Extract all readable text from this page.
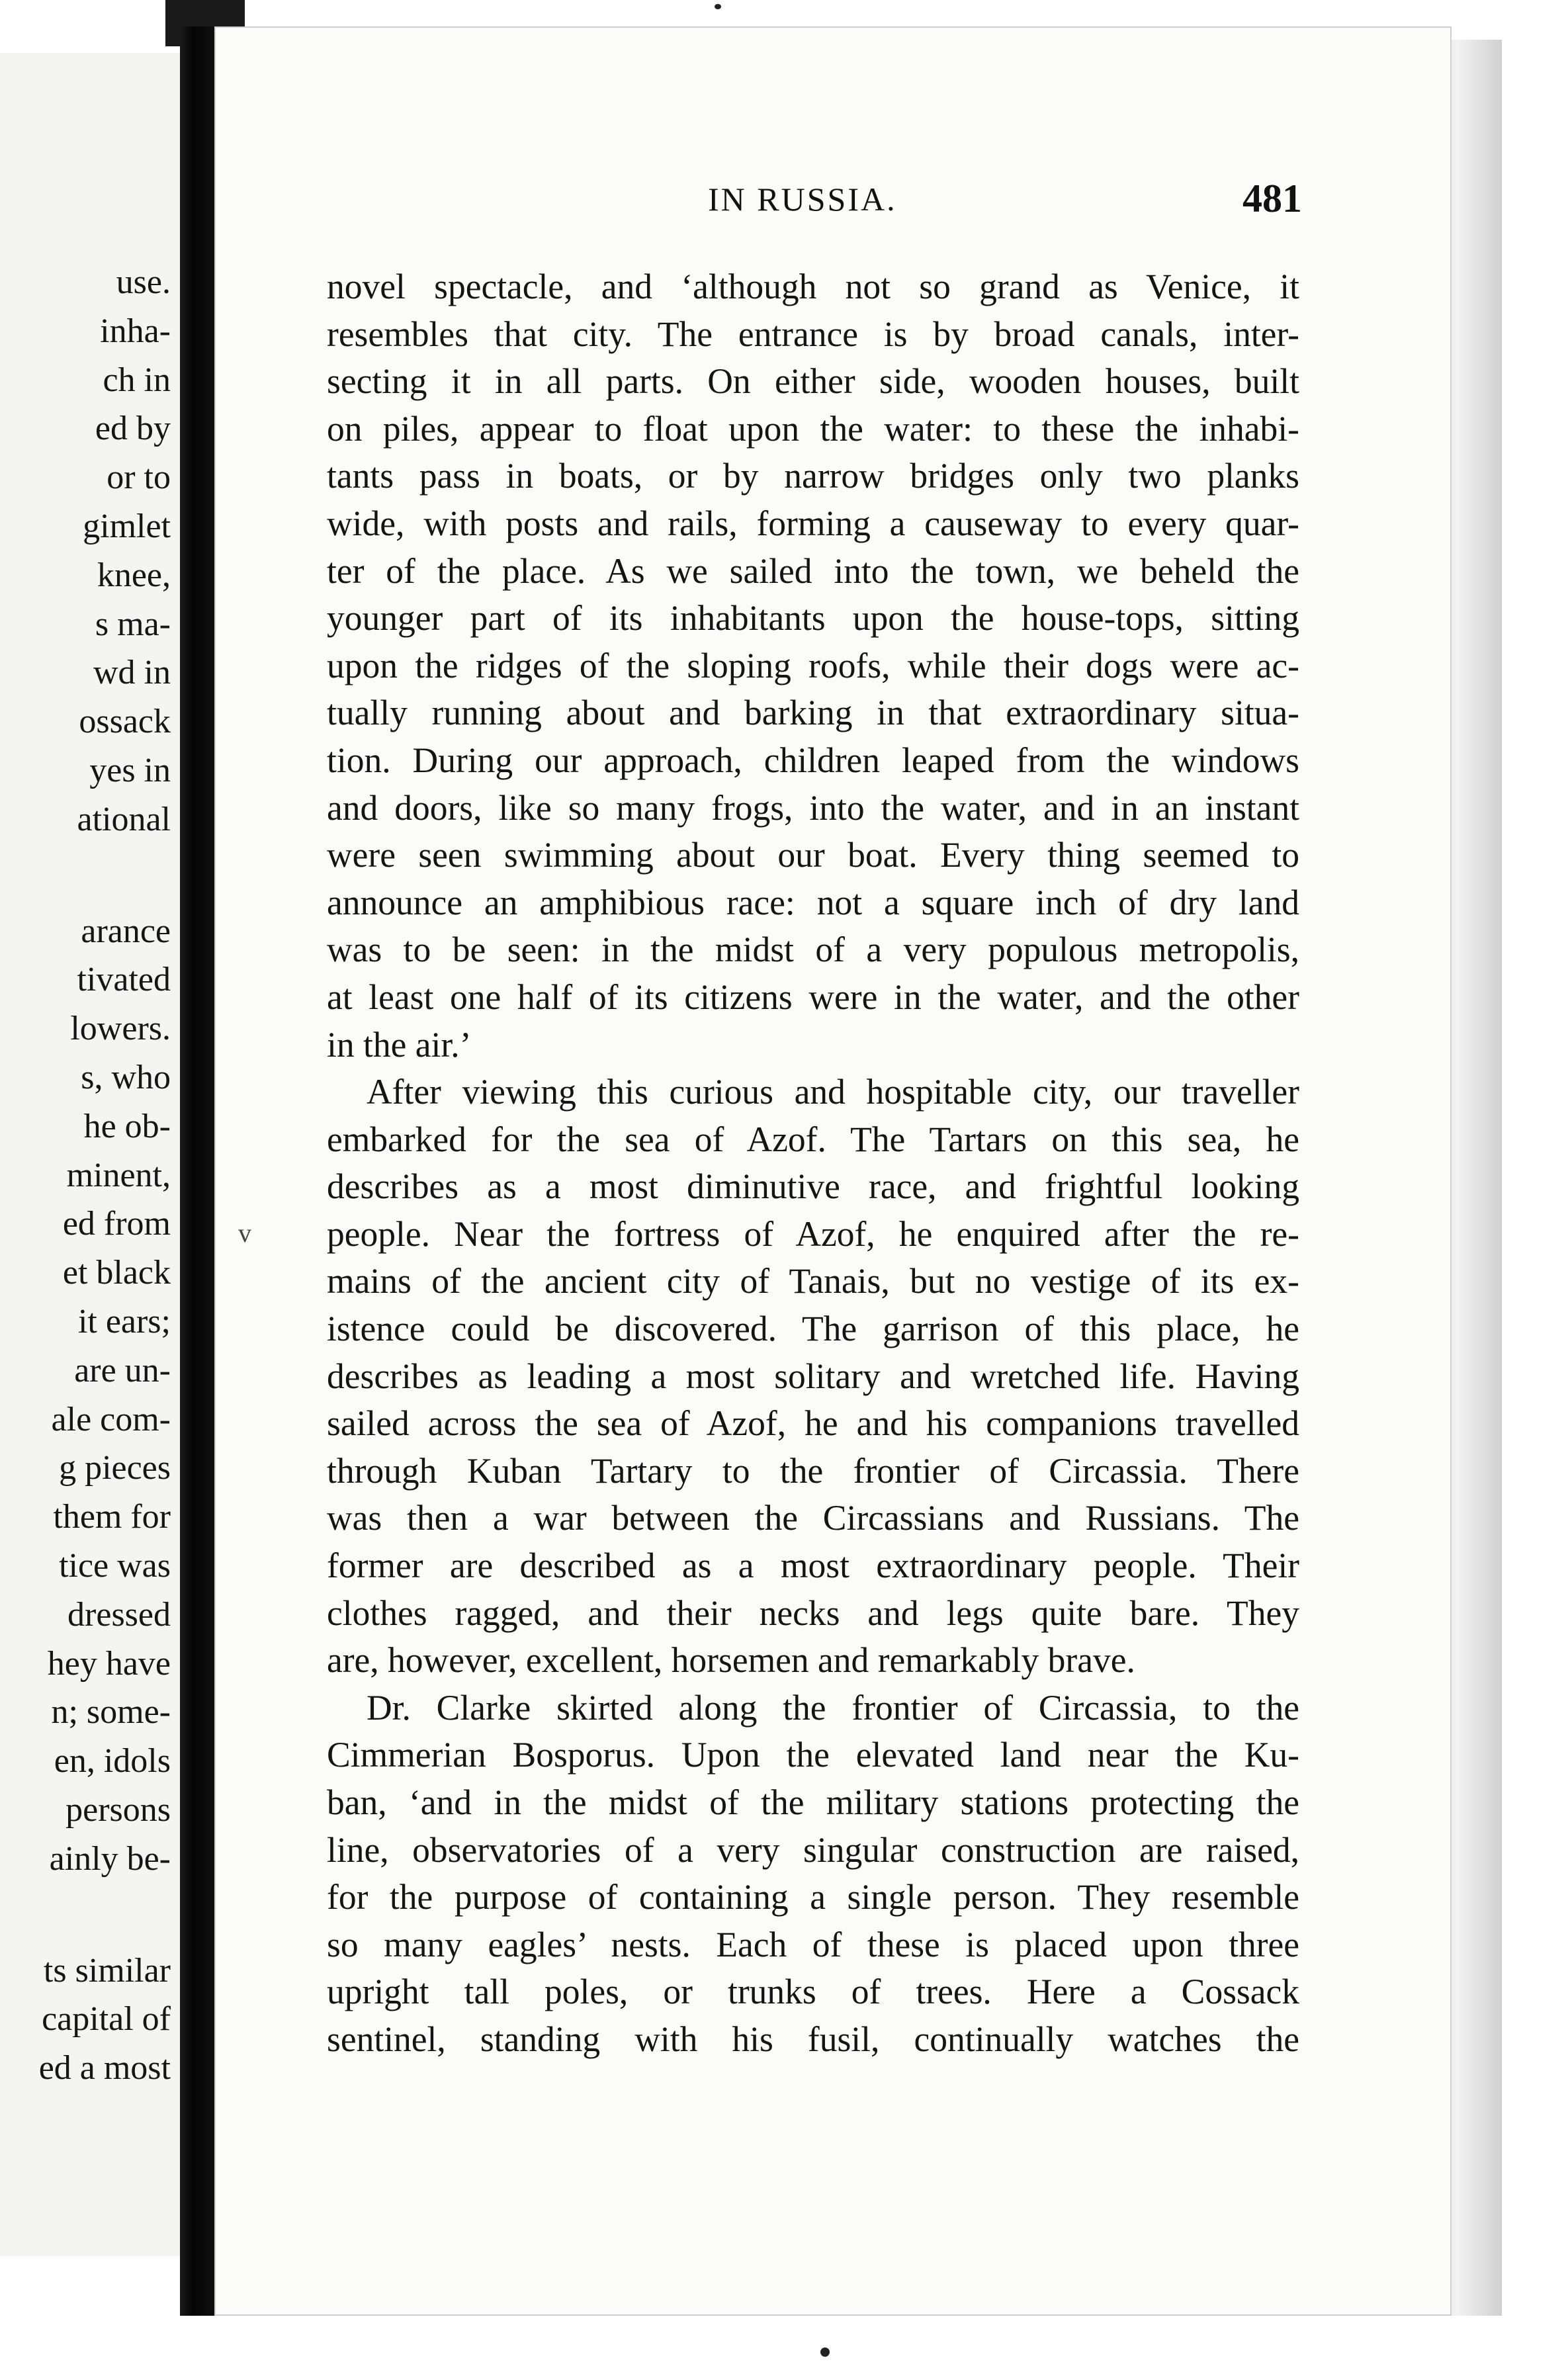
use.
inha-
ch in
ed by
or to
gimlet
knee,
s ma-
wd in
ossack
yes in
ational
arance
tivated
lowers.
s, who
he ob-
minent,
ed from
et black
it ears;
are un-
ale com-
g pieces
them for
tice was
dressed
hey have
n; some-
en, idols
persons
ainly be-
ts similar
capital of
ed a most
IN RUSSIA.	481
v
novel spectacle, and ‘although not so grand as Venice, it
resembles that city. The entrance is by broad canals, inter-
secting it in all parts. On either side, wooden houses, built
on piles, appear to float upon the water: to these the inhabi-
tants pass in boats, or by narrow bridges only two planks
wide, with posts and rails, forming a causeway to every quar-
ter of the place. As we sailed into the town, we beheld the
younger part of its inhabitants upon the house-tops, sitting
upon the ridges of the sloping roofs, while their dogs were ac-
tually running about and barking in that extraordinary situa-
tion. During our approach, children leaped from the windows
and doors, like so many frogs, into the water, and in an instant
were seen swimming about our boat. Every thing seemed to
announce an amphibious race: not a square inch of dry land
was to be seen: in the midst of a very populous metropolis,
at least one half of its citizens were in the water, and the other
in the air.’
After viewing this curious and hospitable city, our traveller
embarked for the sea of Azof. The Tartars on this sea, he
describes as a most diminutive race, and frightful looking
people. Near the fortress of Azof, he enquired after the re-
mains of the ancient city of Tanais, but no vestige of its ex-
istence could be discovered. The garrison of this place, he
describes as leading a most solitary and wretched life. Having
sailed across the sea of Azof, he and his companions travelled
through Kuban Tartary to the frontier of Circassia. There
was then a war between the Circassians and Russians. The
former are described as a most extraordinary people. Their
clothes ragged, and their necks and legs quite bare. They
are, however, excellent, horsemen and remarkably brave.
Dr. Clarke skirted along the frontier of Circassia, to the
Cimmerian Bosporus. Upon the elevated land near the Ku-
ban, ‘and in the midst of the military stations protecting the
line, observatories of a very singular construction are raised,
for the purpose of containing a single person. They resemble
so many eagles’ nests. Each of these is placed upon three
upright tall poles, or trunks of trees. Here a Cossack
sentinel, standing with his fusil, continually watches the
